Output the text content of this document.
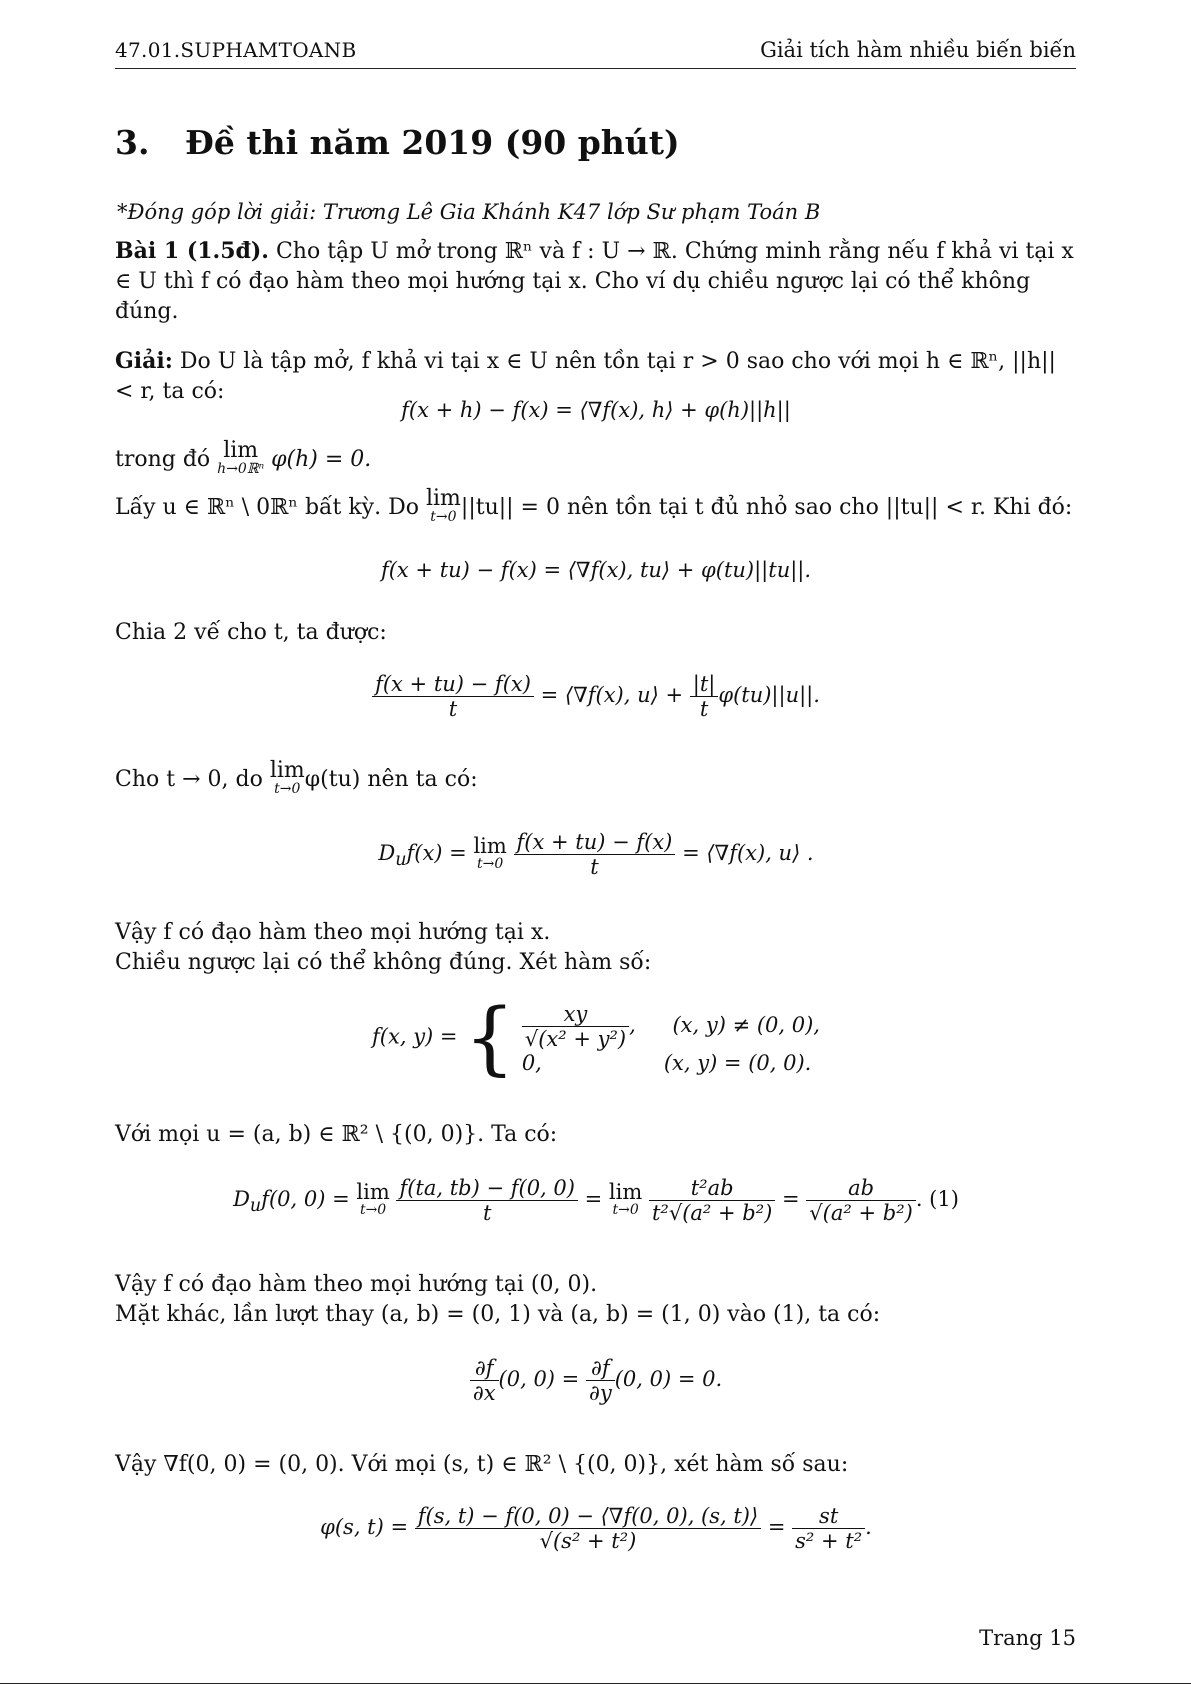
47.01.SUPHAMTOANB	Giải tích hàm nhiều biến biến
3. Đề thi năm 2019 (90 phút)
*Đóng góp lời giải: Trương Lê Gia Khánh K47 lớp Sư phạm Toán B
Bài 1 (1.5đ). Cho tập U mở trong ℝⁿ và f : U → ℝ. Chứng minh rằng nếu f khả vi tại x ∈ U thì f có đạo hàm theo mọi hướng tại x. Cho ví dụ chiều ngược lại có thể không đúng.
Giải: Do U là tập mở, f khả vi tại x ∈ U nên tồn tại r > 0 sao cho với mọi h ∈ ℝⁿ, ||h|| < r, ta có:
f(x + h) − f(x) = ⟨∇f(x), h⟩ + φ(h)||h||
trong đó lim
h→0ℝⁿ φ(h) = 0.
Lấy u ∈ ℝⁿ \ 0ℝⁿ bất kỳ. Do lim
t→0 ||tu|| = 0 nên tồn tại t đủ nhỏ sao cho ||tu|| < r. Khi đó:
f(x + tu) − f(x) = ⟨∇f(x), tu⟩ + φ(tu)||tu||.
Chia 2 vế cho t, ta được:
$\frac{f(x + tu) - f(x)}{t}$ = ⟨∇f(x), u⟩ + $\frac{|t|}{t} \varphi(tu)||u||$.
Cho t → 0, do lim
t→0 φ(tu) nên ta có:
$D_uf(x) = \lim$
t→0
$\frac{f(x + tu) - f(x)}{t}$ = ⟨∇f(x), u⟩ .
Vậy f có đạo hàm theo mọi hướng tại x.
Chiều ngược lại có thể không đúng. Xét hàm số:
f(x, y) = { $\frac{xy}{\text{√(x² + y²)}}$ , (x, y) ≠ (0, 0),
0,	(x, y) = (0, 0).
Với mọi u = (a, b) ∈ ℝ² \ {(0, 0)}. Ta có:
$D_uf(0$, 0) = lim
t→0
$\frac{f(ta, tb) - f(0, 0)}{t} = \lim$
t→0
$\frac{\text{t²ab}}{\text{t²√(a² + b²)}} = \frac{ab}{\text{√(a² + b²)}}$ . (1)
Vậy f có đạo hàm theo mọi hướng tại (0, 0).
Mặt khác, lần lượt thay (a, b) = (0, 1) và (a, b) = (1, 0) vào (1), ta có:
$\frac{\partial f}{\partial x} (0$, $0) = \frac{\partial f}{\partial y} (0$, 0) = 0.
Vậy ∇f(0, 0) = (0, 0). Với mọi (s, t) ∈ ℝ² \ {(0, 0)}, xét hàm số sau:
φ(s, $t) = \frac{f(s, t) - f(0, 0) - ⟨\nabla f(0, 0), (s, t)⟩}{\text{√(s² + t²)}} = \frac{st}{\text{s² + t²}}$ .
Trang 15
